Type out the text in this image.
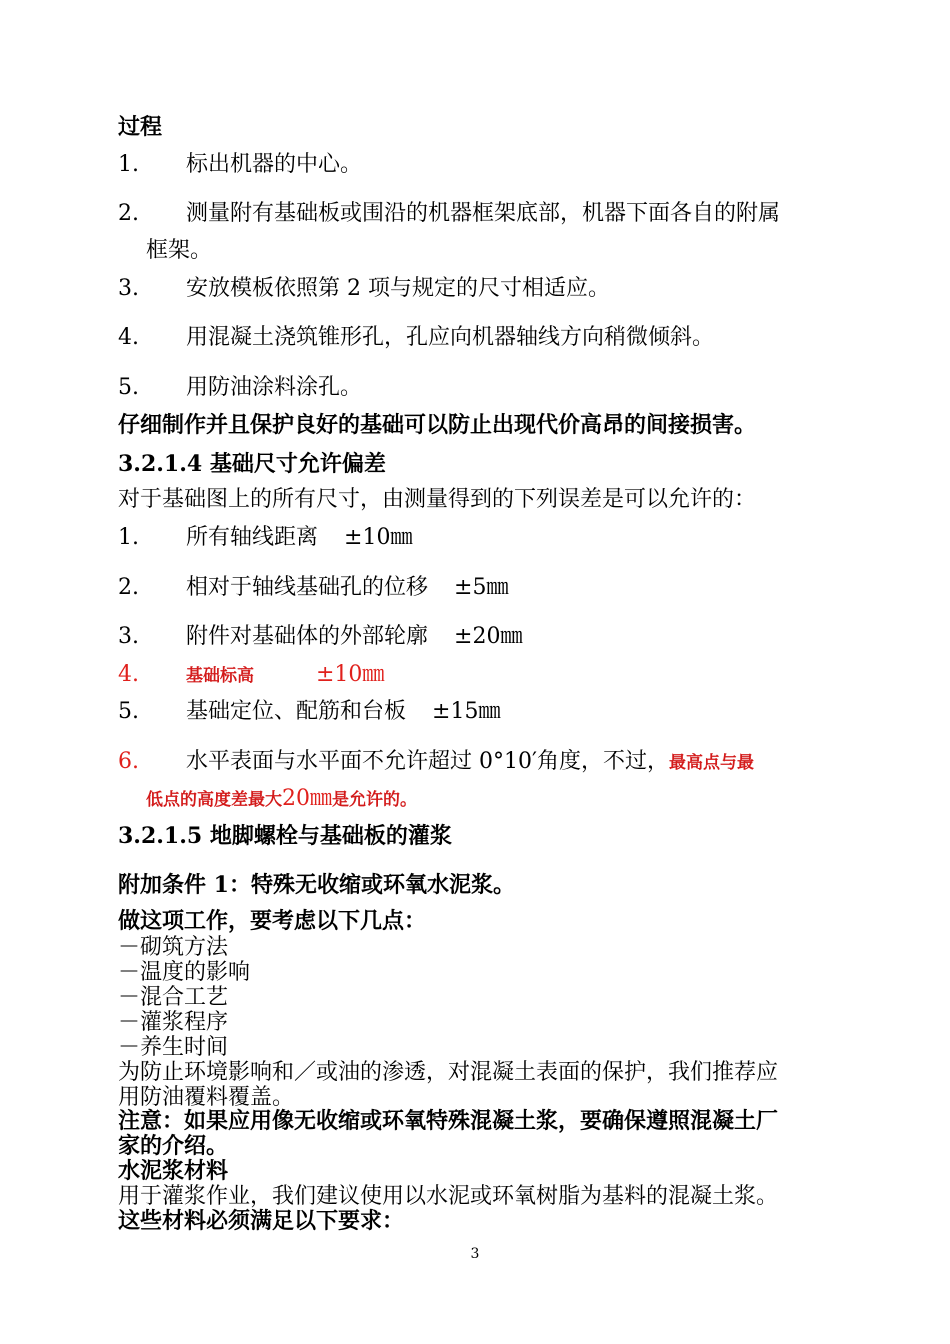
过程
1. 标出机器的中心。
2. 测量附有基础板或围沿的机器框架底部，机器下面各自的附属
框架。
3. 安放模板依照第 2 项与规定的尺寸相适应。
4. 用混凝土浇筑锥形孔，孔应向机器轴线方向稍微倾斜。
5. 用防油涂料涂孔。
仔细制作并且保护良好的基础可以防止出现代价高昂的间接损害。
3.2.1.4 基础尺寸允许偏差
对于基础图上的所有尺寸，由测量得到的下列误差是可以允许的：
1. 所有轴线距离 ±10㎜
2. 相对于轴线基础孔的位移 ±5㎜
3. 附件对基础体的外部轮廓 ±20㎜
4.	基础标高	±10㎜
5. 基础定位、配筋和台板 ±15㎜
6. 水平表面与水平面不允许超过 0°10′角度，不过，最高点与最
低点的高度差最大20㎜是允许的。
3.2.1.5 地脚螺栓与基础板的灌浆
附加条件 1：特殊无收缩或环氧水泥浆。
做这项工作，要考虑以下几点：
－砌筑方法
－温度的影响
－混合工艺
－灌浆程序
－养生时间
为防止环境影响和／或油的渗透，对混凝土表面的保护，我们推荐应
用防油覆料覆盖。
注意：如果应用像无收缩或环氧特殊混凝土浆，要确保遵照混凝土厂
家的介绍。
水泥浆材料
用于灌浆作业，我们建议使用以水泥或环氧树脂为基料的混凝土浆。
这些材料必须满足以下要求：
3
